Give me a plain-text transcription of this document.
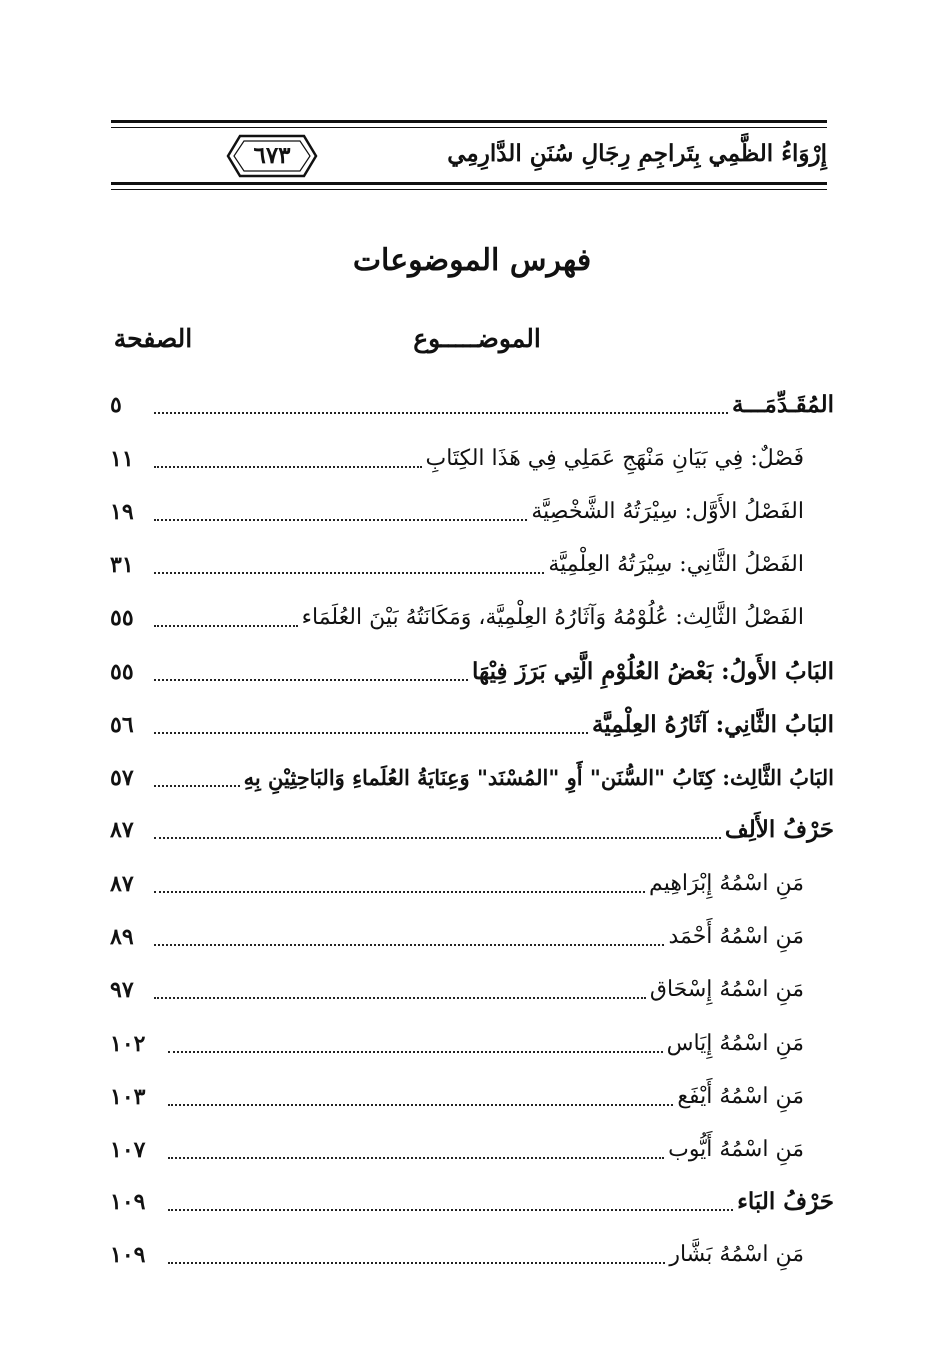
٦٧٣	إِرْوَاءُ الظَّمِي بِتَراجِمِ رِجَالِ سُنَنِ الدَّارِمِي
فهرس الموضوعات
الموضـــــوع
الصفحة
٥	المُقَـدِّمَـــة
١١	فَصْلٌ: فِي بَيَانِ مَنْهَجِ عَمَلِي فِي هَذَا الكِتَابِ
١٩	الفَصْلُ الأَوَّل: سِيْرَتُهُ الشَّخْصِيَّة
٣١	الفَصْلُ الثَّانِي: سِيْرَتُهُ العِلْمِيَّة
٥٥	الفَصْلُ الثَّالِث: عُلُوْمُهُ وَآثَارُهُ العِلْمِيَّة، وَمَكَانَتُهُ بَيْنَ العُلَمَاء
٥٥	البَابُ الأَولُ: بَعْضُ العُلُوْمِ الَّتِي بَرَزَ فِيْهَا
٥٦	البَابُ الثَّانِي: آثَارُهُ العِلْمِيَّة
٥٧	البَابُ الثَّالِث: كِتَابُ "السُّنَن" أَوِ "المُسْنَد" وَعِنَايَةُ العُلَماءِ وَالبَاحِثِيْنِ بِهِ
٨٧	حَرْفُ الأَلِف
٨٧	مَنِ اسْمُهُ إِبْرَاهِيم
٨٩	مَنِ اسْمُهُ أَحْمَد
٩٧	مَنِ اسْمُهُ إِسْحَاق
١٠٢	مَنِ اسْمُهُ إِيَاس
١٠٣	مَنِ اسْمُهُ أَيْفَع
١٠٧	مَنِ اسْمُهُ أَيُّوب
١٠٩	حَرْفُ البَاء
١٠٩	مَنِ اسْمُهُ بَشَّار
